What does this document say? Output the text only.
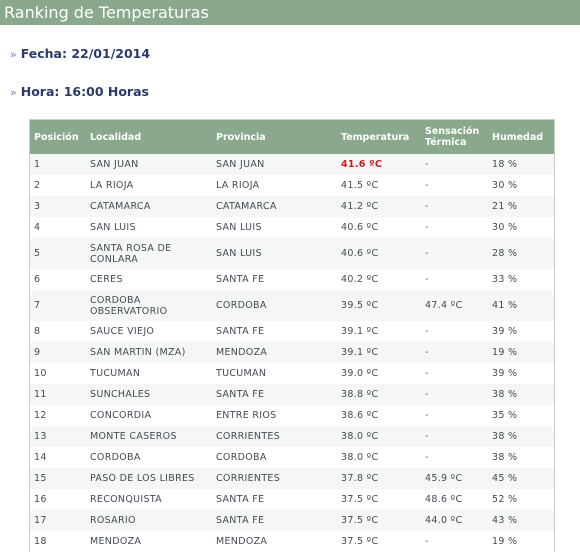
Ranking de Temperaturas
» Fecha: 22/01/2014
» Hora: 16:00 Horas
Posición	Localidad	Provincia	Temperatura	Sensación Térmica	Humedad
1	SAN JUAN	SAN JUAN	41.6 ºC	-	18 %
2	LA RIOJA	LA RIOJA	41.5 ºC	-	30 %
3	CATAMARCA	CATAMARCA	41.2 ºC	-	21 %
4	SAN LUIS	SAN LUIS	40.6 ºC	-	30 %
5	SANTA ROSA DE CONLARA	SAN LUIS	40.6 ºC	-	28 %
6	CERES	SANTA FE	40.2 ºC	-	33 %
7	CORDOBA OBSERVATORIO	CORDOBA	39.5 ºC	47.4 ºC	41 %
8	SAUCE VIEJO	SANTA FE	39.1 ºC	-	39 %
9	SAN MARTIN (MZA)	MENDOZA	39.1 ºC	-	19 %
10	TUCUMAN	TUCUMAN	39.0 ºC	-	39 %
11	SUNCHALES	SANTA FE	38.8 ºC	-	38 %
12	CONCORDIA	ENTRE RIOS	38.6 ºC	-	35 %
13	MONTE CASEROS	CORRIENTES	38.0 ºC	-	38 %
14	CORDOBA	CORDOBA	38.0 ºC	-	38 %
15	PASO DE LOS LIBRES	CORRIENTES	37.8 ºC	45.9 ºC	45 %
16	RECONQUISTA	SANTA FE	37.5 ºC	48.6 ºC	52 %
17	ROSARIO	SANTA FE	37.5 ºC	44.0 ºC	43 %
18	MENDOZA	MENDOZA	37.5 ºC	-	19 %
